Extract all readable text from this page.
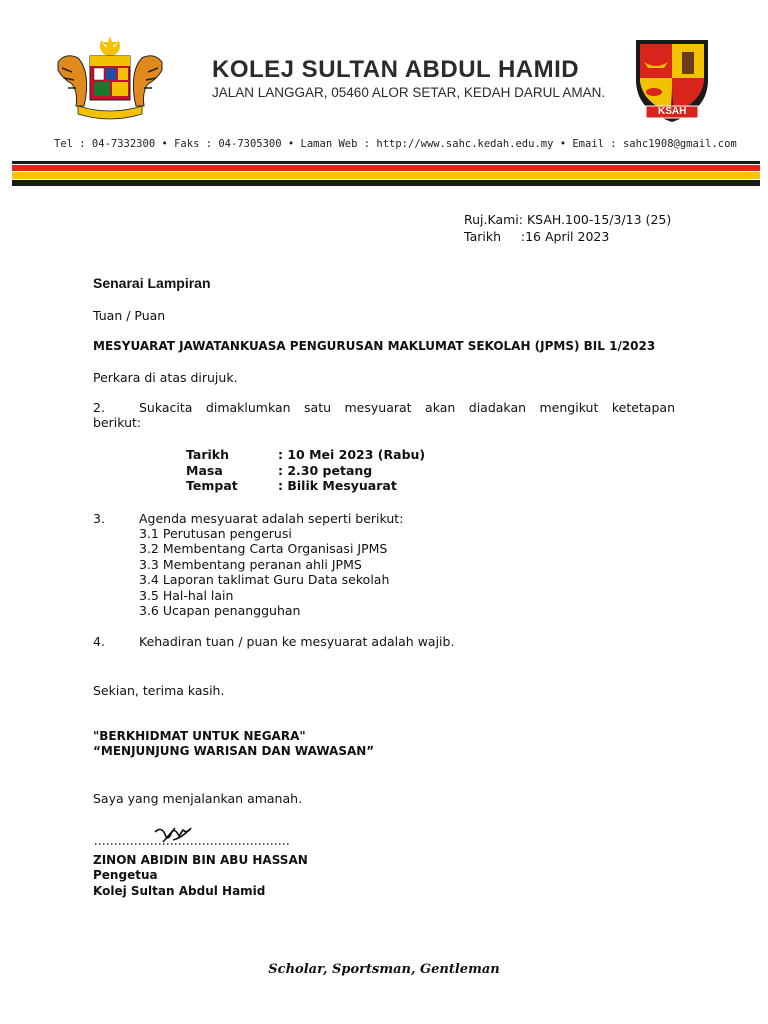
KOLEJ SULTAN ABDUL HAMID
JALAN LANGGAR, 05460 ALOR SETAR, KEDAH DARUL AMAN.
KSAH
Tel : 04-7332300 • Faks : 04-7305300 • Laman Web : http://www.sahc.kedah.edu.my • Email : sahc1908@gmail.com
Ruj.Kami: KSAH.100-15/3/13 (25)
Tarikh     :16 April 2023
Senarai Lampiran
Tuan / Puan
MESYUARAT JAWATANKUASA PENGURUSAN MAKLUMAT SEKOLAH (JPMS) BIL 1/2023
Perkara di atas dirujuk.
2.	Sukacita dimaklumkan satu mesyuarat akan diadakan mengikut ketetapan
berikut:
Tarikh	: 10 Mei 2023 (Rabu)
Masa	: 2.30 petang
Tempat	: Bilik Mesyuarat
3.	Agenda mesyuarat adalah seperti berikut:
3.1 Perutusan pengerusi
3.2 Membentang Carta Organisasi JPMS
3.3 Membentang peranan ahli JPMS
3.4 Laporan taklimat Guru Data sekolah
3.5 Hal-hal lain
3.6 Ucapan penangguhan
4.	Kehadiran tuan / puan ke mesyuarat adalah wajib.
Sekian, terima kasih.
"BERKHIDMAT UNTUK NEGARA"
“MENJUNJUNG WARISAN DAN WAWASAN”
Saya yang menjalankan amanah.
ZINON ABIDIN BIN ABU HASSAN
Pengetua
Kolej Sultan Abdul Hamid
Scholar, Sportsman, Gentleman
